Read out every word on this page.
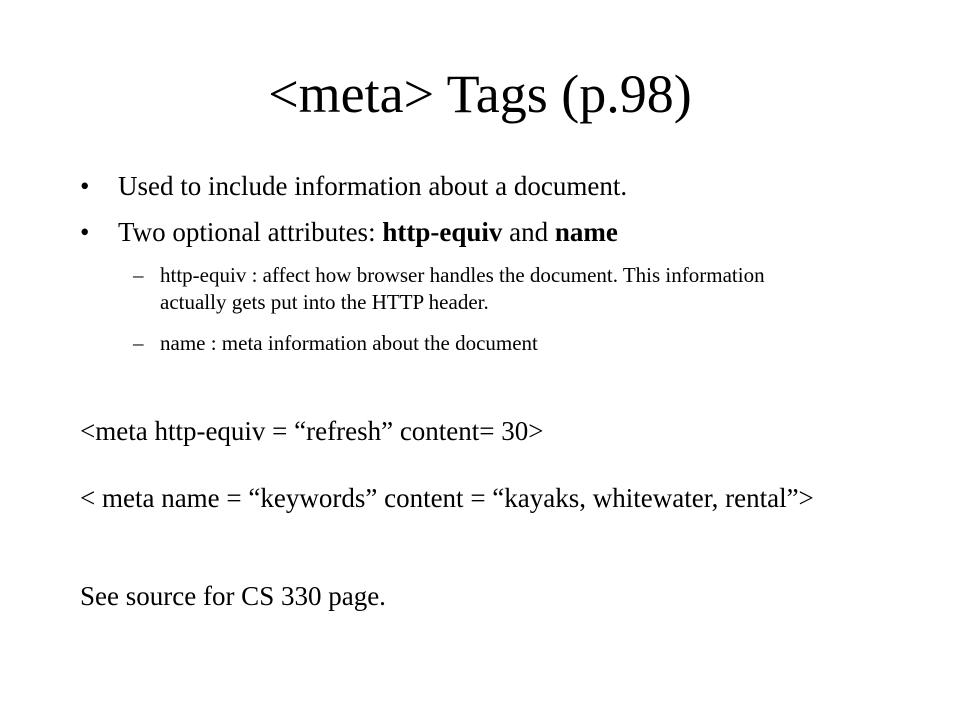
<meta> Tags (p.98)
• Used to include information about a document.
• Two optional attributes: http-equiv and name
– http-equiv : affect how browser handles the document. This information actually gets put into the HTTP header.
– name : meta information about the document
<meta http-equiv = “refresh” content= 30>
< meta name = “keywords” content = “kayaks, whitewater, rental”>
See source for CS 330 page.
